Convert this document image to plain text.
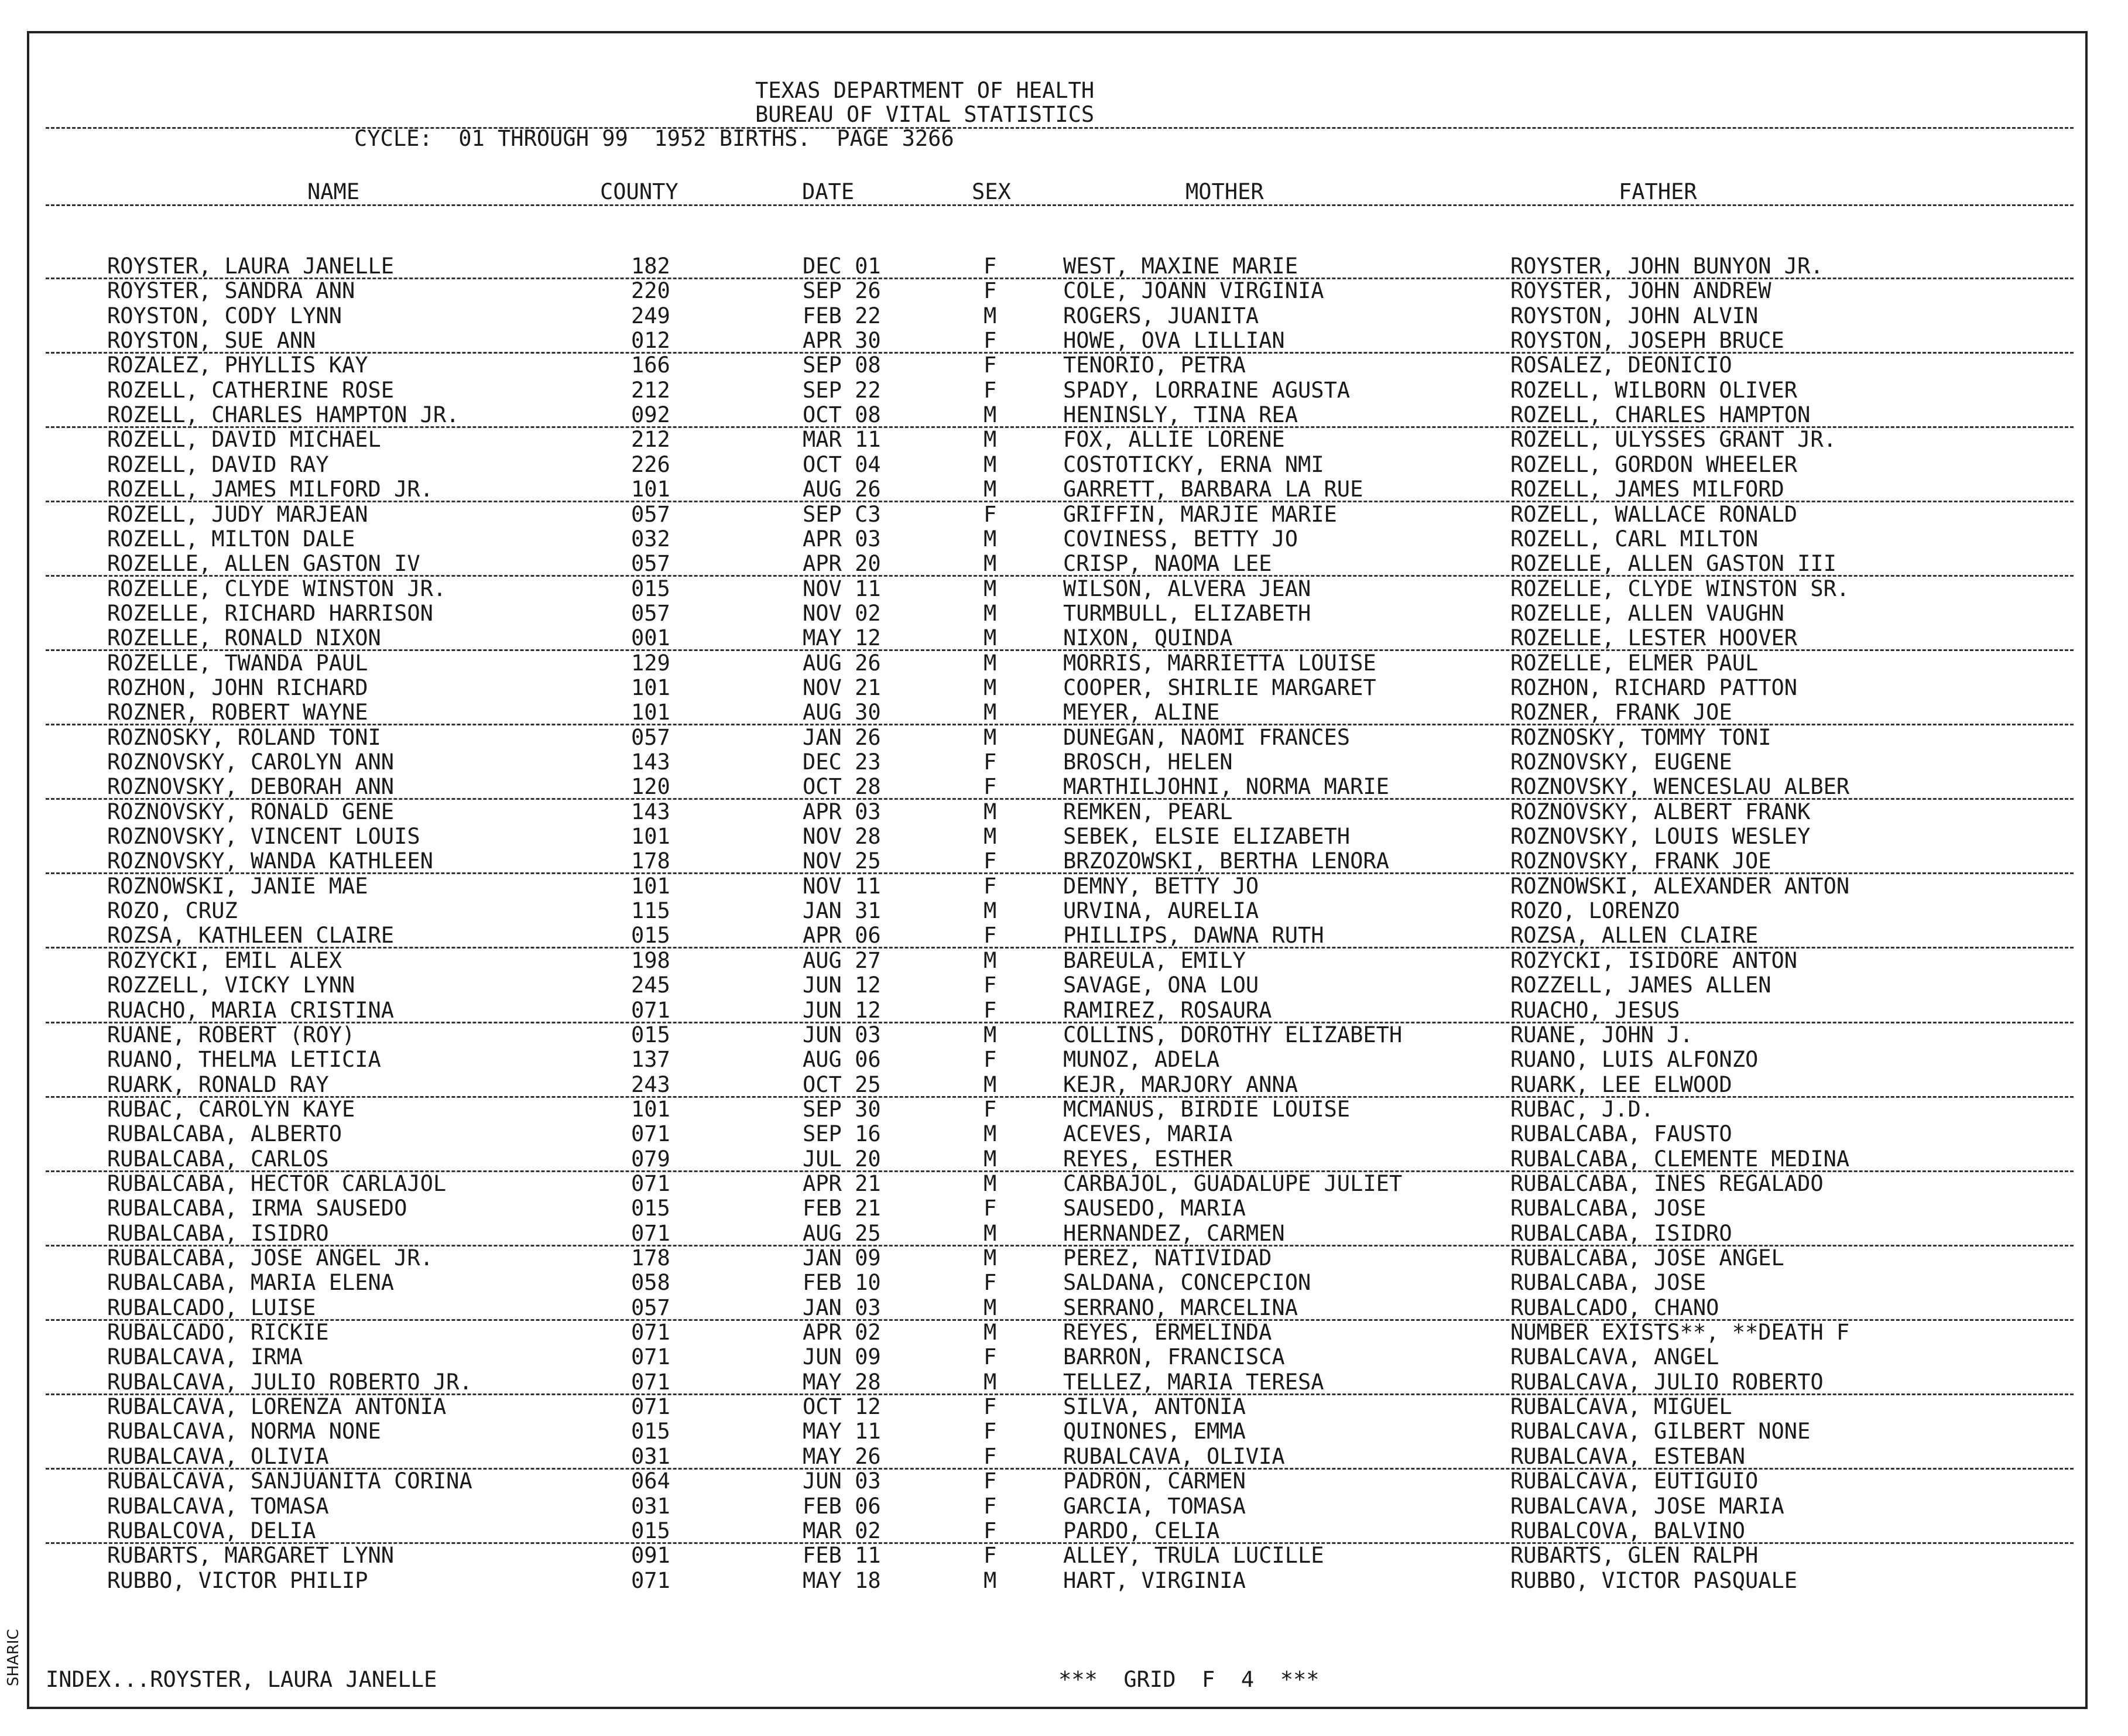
TEXAS DEPARTMENT OF HEALTH
BUREAU OF VITAL STATISTICS
CYCLE:  01 THROUGH 99  1952 BIRTHS.  PAGE 3266
NAME	COUNTY	DATE	SEX	MOTHER	FATHER
ROYSTER, LAURA JANELLE	182	DEC 01	F	WEST, MAXINE MARIE	ROYSTER, JOHN BUNYON JR.
ROYSTER, SANDRA ANN	220	SEP 26	F	COLE, JOANN VIRGINIA	ROYSTER, JOHN ANDREW
ROYSTON, CODY LYNN	249	FEB 22	M	ROGERS, JUANITA	ROYSTON, JOHN ALVIN
ROYSTON, SUE ANN	012	APR 30	F	HOWE, OVA LILLIAN	ROYSTON, JOSEPH BRUCE
ROZALEZ, PHYLLIS KAY	166	SEP 08	F	TENORIO, PETRA	ROSALEZ, DEONICIO
ROZELL, CATHERINE ROSE	212	SEP 22	F	SPADY, LORRAINE AGUSTA	ROZELL, WILBORN OLIVER
ROZELL, CHARLES HAMPTON JR.	092	OCT 08	M	HENINSLY, TINA REA	ROZELL, CHARLES HAMPTON
ROZELL, DAVID MICHAEL	212	MAR 11	M	FOX, ALLIE LORENE	ROZELL, ULYSSES GRANT JR.
ROZELL, DAVID RAY	226	OCT 04	M	COSTOTICKY, ERNA NMI	ROZELL, GORDON WHEELER
ROZELL, JAMES MILFORD JR.	101	AUG 26	M	GARRETT, BARBARA LA RUE	ROZELL, JAMES MILFORD
ROZELL, JUDY MARJEAN	057	SEP C3	F	GRIFFIN, MARJIE MARIE	ROZELL, WALLACE RONALD
ROZELL, MILTON DALE	032	APR 03	M	COVINESS, BETTY JO	ROZELL, CARL MILTON
ROZELLE, ALLEN GASTON IV	057	APR 20	M	CRISP, NAOMA LEE	ROZELLE, ALLEN GASTON III
ROZELLE, CLYDE WINSTON JR.	015	NOV 11	M	WILSON, ALVERA JEAN	ROZELLE, CLYDE WINSTON SR.
ROZELLE, RICHARD HARRISON	057	NOV 02	M	TURMBULL, ELIZABETH	ROZELLE, ALLEN VAUGHN
ROZELLE, RONALD NIXON	001	MAY 12	M	NIXON, QUINDA	ROZELLE, LESTER HOOVER
ROZELLE, TWANDA PAUL	129	AUG 26	M	MORRIS, MARRIETTA LOUISE	ROZELLE, ELMER PAUL
ROZHON, JOHN RICHARD	101	NOV 21	M	COOPER, SHIRLIE MARGARET	ROZHON, RICHARD PATTON
ROZNER, ROBERT WAYNE	101	AUG 30	M	MEYER, ALINE	ROZNER, FRANK JOE
ROZNOSKY, ROLAND TONI	057	JAN 26	M	DUNEGAN, NAOMI FRANCES	ROZNOSKY, TOMMY TONI
ROZNOVSKY, CAROLYN ANN	143	DEC 23	F	BROSCH, HELEN	ROZNOVSKY, EUGENE
ROZNOVSKY, DEBORAH ANN	120	OCT 28	F	MARTHILJOHNI, NORMA MARIE	ROZNOVSKY, WENCESLAU ALBER
ROZNOVSKY, RONALD GENE	143	APR 03	M	REMKEN, PEARL	ROZNOVSKY, ALBERT FRANK
ROZNOVSKY, VINCENT LOUIS	101	NOV 28	M	SEBEK, ELSIE ELIZABETH	ROZNOVSKY, LOUIS WESLEY
ROZNOVSKY, WANDA KATHLEEN	178	NOV 25	F	BRZOZOWSKI, BERTHA LENORA	ROZNOVSKY, FRANK JOE
ROZNOWSKI, JANIE MAE	101	NOV 11	F	DEMNY, BETTY JO	ROZNOWSKI, ALEXANDER ANTON
ROZO, CRUZ	115	JAN 31	M	URVINA, AURELIA	ROZO, LORENZO
ROZSA, KATHLEEN CLAIRE	015	APR 06	F	PHILLIPS, DAWNA RUTH	ROZSA, ALLEN CLAIRE
ROZYCKI, EMIL ALEX	198	AUG 27	M	BAREULA, EMILY	ROZYCKI, ISIDORE ANTON
ROZZELL, VICKY LYNN	245	JUN 12	F	SAVAGE, ONA LOU	ROZZELL, JAMES ALLEN
RUACHO, MARIA CRISTINA	071	JUN 12	F	RAMIREZ, ROSAURA	RUACHO, JESUS
RUANE, ROBERT (ROY)	015	JUN 03	M	COLLINS, DOROTHY ELIZABETH	RUANE, JOHN J.
RUANO, THELMA LETICIA	137	AUG 06	F	MUNOZ, ADELA	RUANO, LUIS ALFONZO
RUARK, RONALD RAY	243	OCT 25	M	KEJR, MARJORY ANNA	RUARK, LEE ELWOOD
RUBAC, CAROLYN KAYE	101	SEP 30	F	MCMANUS, BIRDIE LOUISE	RUBAC, J.D.
RUBALCABA, ALBERTO	071	SEP 16	M	ACEVES, MARIA	RUBALCABA, FAUSTO
RUBALCABA, CARLOS	079	JUL 20	M	REYES, ESTHER	RUBALCABA, CLEMENTE MEDINA
RUBALCABA, HECTOR CARLAJOL	071	APR 21	M	CARBAJOL, GUADALUPE JULIET	RUBALCABA, INES REGALADO
RUBALCABA, IRMA SAUSEDO	015	FEB 21	F	SAUSEDO, MARIA	RUBALCABA, JOSE
RUBALCABA, ISIDRO	071	AUG 25	M	HERNANDEZ, CARMEN	RUBALCABA, ISIDRO
RUBALCABA, JOSE ANGEL JR.	178	JAN 09	M	PEREZ, NATIVIDAD	RUBALCABA, JOSE ANGEL
RUBALCABA, MARIA ELENA	058	FEB 10	F	SALDANA, CONCEPCION	RUBALCABA, JOSE
RUBALCADO, LUISE	057	JAN 03	M	SERRANO, MARCELINA	RUBALCADO, CHANO
RUBALCADO, RICKIE	071	APR 02	M	REYES, ERMELINDA	NUMBER EXISTS**, **DEATH F
RUBALCAVA, IRMA	071	JUN 09	F	BARRON, FRANCISCA	RUBALCAVA, ANGEL
RUBALCAVA, JULIO ROBERTO JR.	071	MAY 28	M	TELLEZ, MARIA TERESA	RUBALCAVA, JULIO ROBERTO
RUBALCAVA, LORENZA ANTONIA	071	OCT 12	F	SILVA, ANTONIA	RUBALCAVA, MIGUEL
RUBALCAVA, NORMA NONE	015	MAY 11	F	QUINONES, EMMA	RUBALCAVA, GILBERT NONE
RUBALCAVA, OLIVIA	031	MAY 26	F	RUBALCAVA, OLIVIA	RUBALCAVA, ESTEBAN
RUBALCAVA, SANJUANITA CORINA	064	JUN 03	F	PADRON, CARMEN	RUBALCAVA, EUTIGUIO
RUBALCAVA, TOMASA	031	FEB 06	F	GARCIA, TOMASA	RUBALCAVA, JOSE MARIA
RUBALCOVA, DELIA	015	MAR 02	F	PARDO, CELIA	RUBALCOVA, BALVINO
RUBARTS, MARGARET LYNN	091	FEB 11	F	ALLEY, TRULA LUCILLE	RUBARTS, GLEN RALPH
RUBBO, VICTOR PHILIP	071	MAY 18	M	HART, VIRGINIA	RUBBO, VICTOR PASQUALE
INDEX...ROYSTER, LAURA JANELLE	***  GRID  F  4  ***
SHARIC
